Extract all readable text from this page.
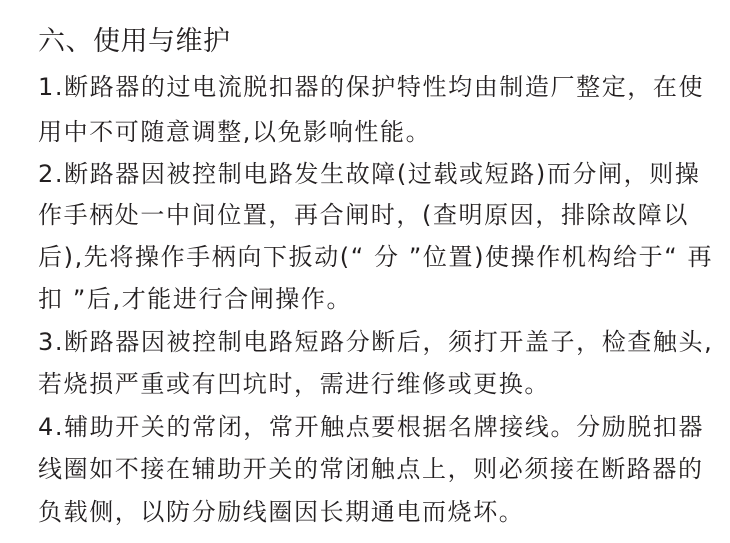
六、使用与维护
1.断路器的过电流脱扣器的保护特性均由制造厂整定，在使
用中不可随意调整,以免影响性能。
2.断路器因被控制电路发生故障(过载或短路)而分闸，则操
作手柄处一中间位置，再合闸时，(查明原因，排除故障以
后),先将操作手柄向下扳动(“ 分 ”位置)使操作机构给于“ 再
扣 ”后,才能进行合闸操作。
3.断路器因被控制电路短路分断后，须打开盖子，检查触头,
若烧损严重或有凹坑时，需进行维修或更换。
4.辅助开关的常闭，常开触点要根据名牌接线。分励脱扣器
线圈如不接在辅助开关的常闭触点上，则必须接在断路器的
负载侧，以防分励线圈因长期通电而烧坏。
